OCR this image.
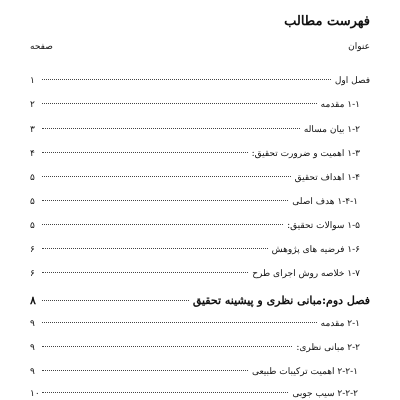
فهرست مطالب
عنوان
صفحه
فصل اول
۱
۱-۱ مقدمه
۲
۱-۲ بیان مساله
۳
۱-۳ اهمیت و ضرورت تحقیق:
۴
۱-۴ اهداف تحقیق
۵
۱-۴-۱ هدف اصلی
۵
۱-۵ سوالات تحقیق:
۵
۱-۶ فرضیه های پژوهش
۶
۱-۷ خلاصه روش اجرای طرح
۶
فصل دوم:مبانی نظری و پیشینه تحقیق
۸
۲-۱ مقدمه
۹
۲-۲ مبانی نظری:
۹
۲-۲-۱ اهمیت ترکیبات طبیعی
۹
۲-۲-۲ سیب جوبی
۱۰
